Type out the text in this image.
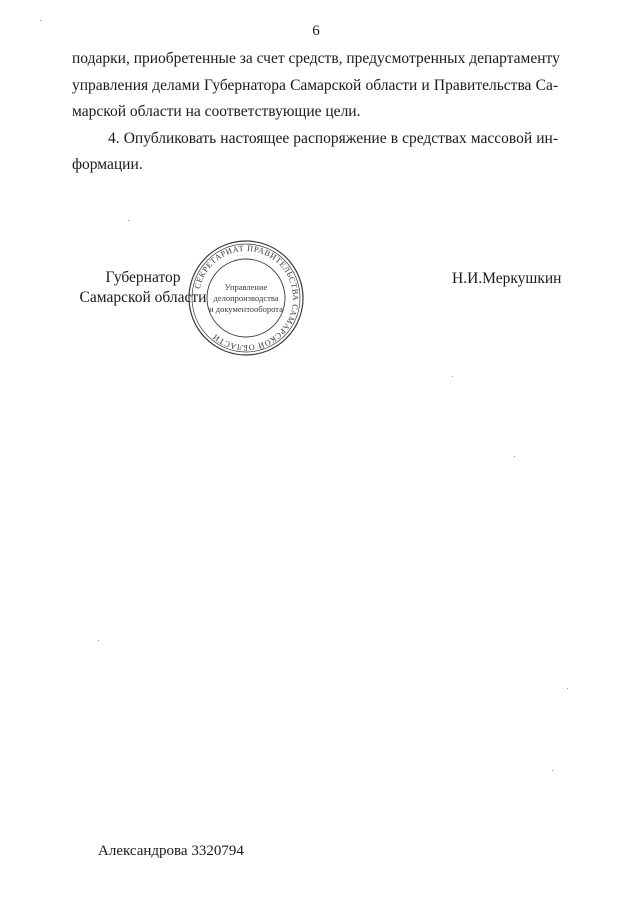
6

подарки, приобретенные за счет средств, предусмотренных департаменту
управления делами Губернатора Самарской области и Правительства Са-
марской области на соответствующие цели.

4. Опубликовать настоящее распоряжение в средствах массовой ин-
формации.

СЕКРЕТАРИАТ ПРАВИТЕЛЬСТВА САМАРСКОЙ ОБЛАСТИ
Управление
делопроизводства
и документооборота
Губернатор
Самарской области
Н.И.Меркушкин
Александрова 3320794
